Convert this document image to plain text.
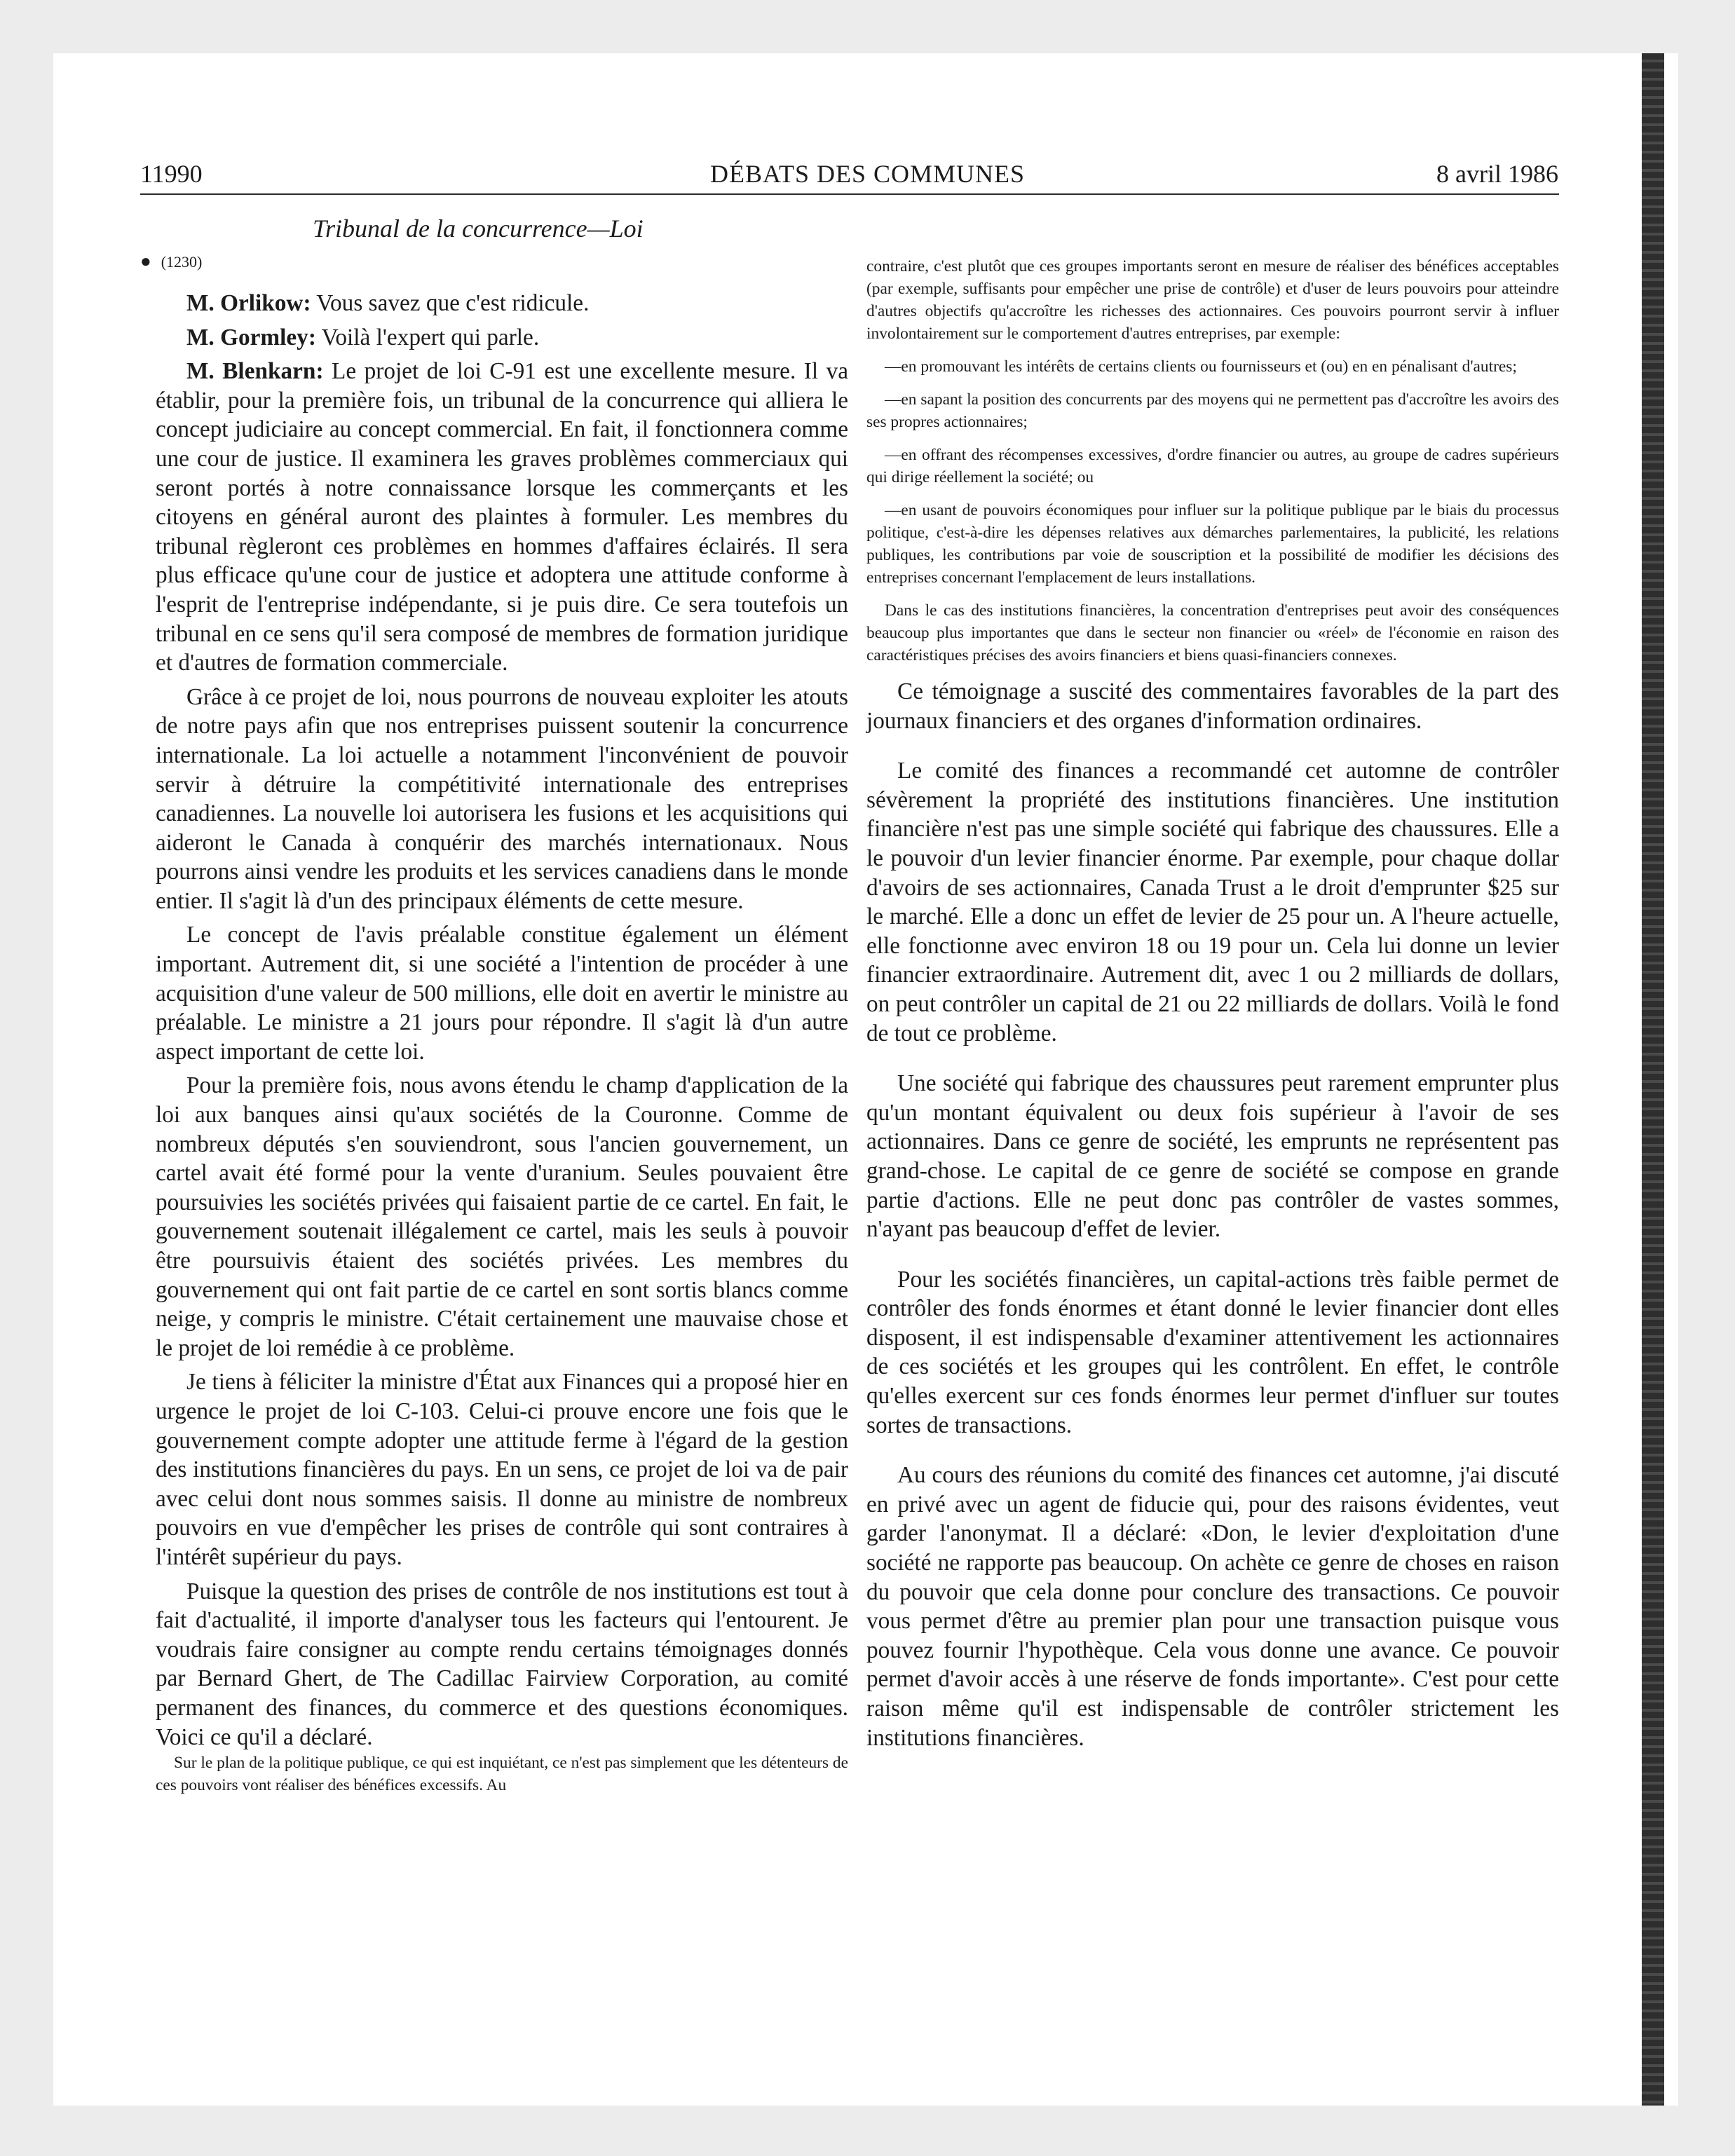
11990	DÉBATS DES COMMUNES	8 avril 1986
Tribunal de la concurrence—Loi
● (1230)

M. Orlikow: Vous savez que c'est ridicule.

M. Gormley: Voilà l'expert qui parle.

M. Blenkarn: Le projet de loi C-91 est une excellente mesure. Il va établir, pour la première fois, un tribunal de la concurrence qui alliera le concept judiciaire au concept commercial. En fait, il fonctionnera comme une cour de justice. Il examinera les graves problèmes commerciaux qui seront portés à notre connaissance lorsque les commerçants et les citoyens en général auront des plaintes à formuler. Les membres du tribunal règleront ces problèmes en hommes d'affaires éclairés. Il sera plus efficace qu'une cour de justice et adoptera une attitude conforme à l'esprit de l'entreprise indépendante, si je puis dire. Ce sera toutefois un tribunal en ce sens qu'il sera composé de membres de formation juridique et d'autres de formation commerciale.

Grâce à ce projet de loi, nous pourrons de nouveau exploiter les atouts de notre pays afin que nos entreprises puissent soutenir la concurrence internationale. La loi actuelle a notamment l'inconvénient de pouvoir servir à détruire la compétitivité internationale des entreprises canadiennes. La nouvelle loi autorisera les fusions et les acquisitions qui aideront le Canada à conquérir des marchés internationaux. Nous pourrons ainsi vendre les produits et les services canadiens dans le monde entier. Il s'agit là d'un des principaux éléments de cette mesure.

Le concept de l'avis préalable constitue également un élément important. Autrement dit, si une société a l'intention de procéder à une acquisition d'une valeur de 500 millions, elle doit en avertir le ministre au préalable. Le ministre a 21 jours pour répondre. Il s'agit là d'un autre aspect important de cette loi.

Pour la première fois, nous avons étendu le champ d'application de la loi aux banques ainsi qu'aux sociétés de la Couronne. Comme de nombreux députés s'en souviendront, sous l'ancien gouvernement, un cartel avait été formé pour la vente d'uranium. Seules pouvaient être poursuivies les sociétés privées qui faisaient partie de ce cartel. En fait, le gouvernement soutenait illégalement ce cartel, mais les seuls à pouvoir être poursuivis étaient des sociétés privées. Les membres du gouvernement qui ont fait partie de ce cartel en sont sortis blancs comme neige, y compris le ministre. C'était certainement une mauvaise chose et le projet de loi remédie à ce problème.

Je tiens à féliciter la ministre d'État aux Finances qui a proposé hier en urgence le projet de loi C-103. Celui-ci prouve encore une fois que le gouvernement compte adopter une attitude ferme à l'égard de la gestion des institutions financières du pays. En un sens, ce projet de loi va de pair avec celui dont nous sommes saisis. Il donne au ministre de nombreux pouvoirs en vue d'empêcher les prises de contrôle qui sont contraires à l'intérêt supérieur du pays.

Puisque la question des prises de contrôle de nos institutions est tout à fait d'actualité, il importe d'analyser tous les facteurs qui l'entourent. Je voudrais faire consigner au compte rendu certains témoignages donnés par Bernard Ghert, de The Cadillac Fairview Corporation, au comité permanent des finances, du commerce et des questions économiques. Voici ce qu'il a déclaré.

Sur le plan de la politique publique, ce qui est inquiétant, ce n'est pas simplement que les détenteurs de ces pouvoirs vont réaliser des bénéfices excessifs. Au

contraire, c'est plutôt que ces groupes importants seront en mesure de réaliser des bénéfices acceptables (par exemple, suffisants pour empêcher une prise de contrôle) et d'user de leurs pouvoirs pour atteindre d'autres objectifs qu'accroître les richesses des actionnaires. Ces pouvoirs pourront servir à influer involontairement sur le comportement d'autres entreprises, par exemple:

—en promouvant les intérêts de certains clients ou fournisseurs et (ou) en en pénalisant d'autres;

—en sapant la position des concurrents par des moyens qui ne permettent pas d'accroître les avoirs des ses propres actionnaires;

—en offrant des récompenses excessives, d'ordre financier ou autres, au groupe de cadres supérieurs qui dirige réellement la société; ou

—en usant de pouvoirs économiques pour influer sur la politique publique par le biais du processus politique, c'est-à-dire les dépenses relatives aux démarches parlementaires, la publicité, les relations publiques, les contributions par voie de souscription et la possibilité de modifier les décisions des entreprises concernant l'emplacement de leurs installations.

Dans le cas des institutions financières, la concentration d'entreprises peut avoir des conséquences beaucoup plus importantes que dans le secteur non financier ou «réel» de l'économie en raison des caractéristiques précises des avoirs financiers et biens quasi-financiers connexes.

Ce témoignage a suscité des commentaires favorables de la part des journaux financiers et des organes d'information ordinaires.

Le comité des finances a recommandé cet automne de contrôler sévèrement la propriété des institutions financières. Une institution financière n'est pas une simple société qui fabrique des chaussures. Elle a le pouvoir d'un levier financier énorme. Par exemple, pour chaque dollar d'avoirs de ses actionnaires, Canada Trust a le droit d'emprunter $25 sur le marché. Elle a donc un effet de levier de 25 pour un. A l'heure actuelle, elle fonctionne avec environ 18 ou 19 pour un. Cela lui donne un levier financier extraordinaire. Autrement dit, avec 1 ou 2 milliards de dollars, on peut contrôler un capital de 21 ou 22 milliards de dollars. Voilà le fond de tout ce problème.

Une société qui fabrique des chaussures peut rarement emprunter plus qu'un montant équivalent ou deux fois supérieur à l'avoir de ses actionnaires. Dans ce genre de société, les emprunts ne représentent pas grand-chose. Le capital de ce genre de société se compose en grande partie d'actions. Elle ne peut donc pas contrôler de vastes sommes, n'ayant pas beaucoup d'effet de levier.

Pour les sociétés financières, un capital-actions très faible permet de contrôler des fonds énormes et étant donné le levier financier dont elles disposent, il est indispensable d'examiner attentivement les actionnaires de ces sociétés et les groupes qui les contrôlent. En effet, le contrôle qu'elles exercent sur ces fonds énormes leur permet d'influer sur toutes sortes de transactions.

Au cours des réunions du comité des finances cet automne, j'ai discuté en privé avec un agent de fiducie qui, pour des raisons évidentes, veut garder l'anonymat. Il a déclaré: «Don, le levier d'exploitation d'une société ne rapporte pas beaucoup. On achète ce genre de choses en raison du pouvoir que cela donne pour conclure des transactions. Ce pouvoir vous permet d'être au premier plan pour une transaction puisque vous pouvez fournir l'hypothèque. Cela vous donne une avance. Ce pouvoir permet d'avoir accès à une réserve de fonds importante». C'est pour cette raison même qu'il est indispensable de contrôler strictement les institutions financières.
